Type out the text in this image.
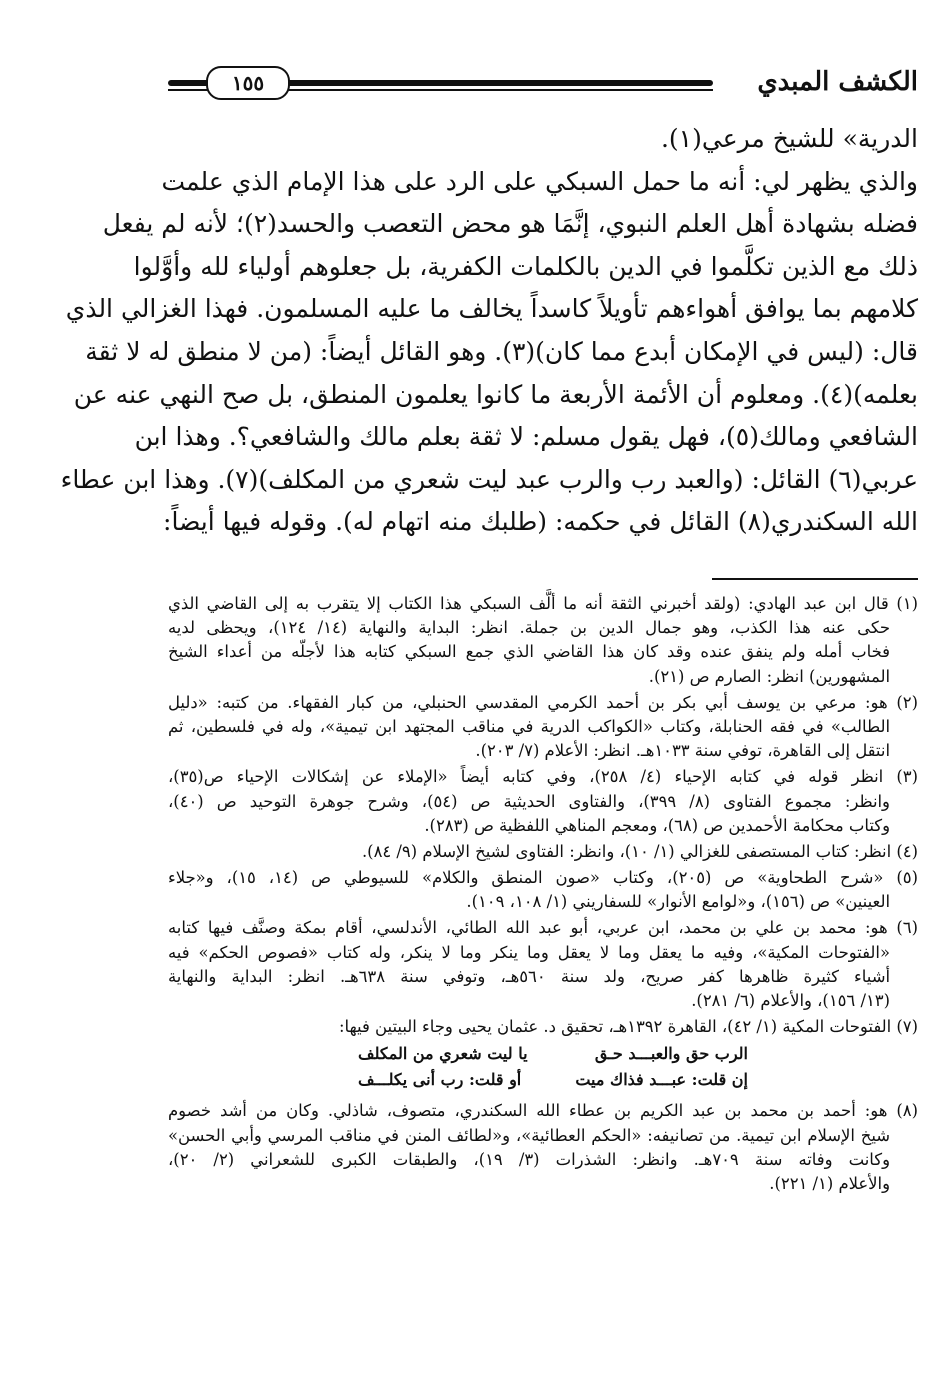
١٥٥	الكشف المبدي
الدرية» للشيخ مرعي(١).
والذي يظهر لي: أنه ما حمل السبكي على الرد على هذا الإمام الذي علمت
فضله بشهادة أهل العلم النبوي، إنَّمَا هو محض التعصب والحسد(٢)؛ لأنه لم يفعل
ذلك مع الذين تكلَّموا في الدين بالكلمات الكفرية، بل جعلوهم أولياء لله وأوَّلوا
كلامهم بما يوافق أهواءهم تأويلاً كاسداً يخالف ما عليه المسلمون. فهذا الغزالي الذي
قال: (ليس في الإمكان أبدع مما كان)(٣). وهو القائل أيضاً: (من لا منطق له لا ثقة
بعلمه)(٤). ومعلوم أن الأئمة الأربعة ما كانوا يعلمون المنطق، بل صح النهي عنه عن
الشافعي ومالك(٥)، فهل يقول مسلم: لا ثقة بعلم مالك والشافعي؟. وهذا ابن
عربي(٦) القائل: (والعبد رب والرب عبد ليت شعري من المكلف)(٧). وهذا ابن عطاء
الله السكندري(٨) القائل في حكمه: (طلبك منه اتهام له). وقوله فيها أيضاً:
(١) قال ابن عبد الهادي: (ولقد أخبرني الثقة أنه ما ألَّف السبكي هذا الكتاب إلا يتقرب به إلى القاضي الذي
حكى عنه هذا الكذب، وهو جمال الدين بن جملة. انظر: البداية والنهاية (١٤/ ١٢٤)، ويحظى لديه
فخاب أمله ولم ينفق عنده وقد كان هذا القاضي الذي جمع السبكي كتابه هذا لأجلّه من أعداء الشيخ
المشهورين) انظر: الصارم ص (٢١).
(٢) هو: مرعي بن يوسف أبي بكر بن أحمد الكرمي المقدسي الحنبلي، من كبار الفقهاء. من كتبه: «دليل
الطالب» في فقه الحنابلة، وكتاب «الكواكب الدرية في مناقب المجتهد ابن تيمية»، وله في فلسطين، ثم
انتقل إلى القاهرة، توفي سنة ١٠٣٣هـ. انظر: الأعلام (٧/ ٢٠٣).
(٣) انظر قوله في كتابه الإحياء (٤/ ٢٥٨)، وفي كتابه أيضاً «الإملاء عن إشكالات الإحياء ص(٣٥)،
وانظر: مجموع الفتاوى (٨/ ٣٩٩)، والفتاوى الحديثية ص (٥٤)، وشرح جوهرة التوحيد ص (٤٠)،
وكتاب محكامة الأحمدين ص (٦٨)، ومعجم المناهي اللفظية ص (٢٨٣).
(٤) انظر: كتاب المستصفى للغزالي (١/ ١٠)، وانظر: الفتاوى لشيخ الإسلام (٩/ ٨٤).
(٥) «شرح الطحاوية» ص (٢٠٥)، وكتاب «صون المنطق والكلام» للسيوطي ص (١٤، ١٥)، و«جلاء
العينين» ص (١٥٦)، و«لوامع الأنوار» للسفاريني (١/ ١٠٨، ١٠٩).
(٦) هو: محمد بن علي بن محمد، ابن عربي، أبو عبد الله الطائي، الأندلسي، أقام بمكة وصنَّف فيها كتابه
«الفتوحات المكية»، وفيه ما يعقل وما لا يعقل وما ينكر وما لا ينكر، وله كتاب «فصوص الحكم» فيه
أشياء كثيرة ظاهرها كفر صريح، ولد سنة ٥٦٠هـ، وتوفي سنة ٦٣٨هـ. انظر: البداية والنهاية
(١٣/ ١٥٦)، والأعلام (٦/ ٢٨١).
(٧) الفتوحات المكية (١/ ٤٢)، القاهرة ١٣٩٢هـ، تحقيق د. عثمان يحيى وجاء البيتين فيها:
الرب حق والعبـــد حـق
يا ليت شعري من المكلف
إن قلت: عبـــد فذاك ميت
أو قلت: رب أنى يكلـــف
(٨) هو: أحمد بن محمد بن عبد الكريم بن عطاء الله السكندري، متصوف، شاذلي. وكان من أشد خصوم
شيخ الإسلام ابن تيمية. من تصانيفه: «الحكم العطائية»، و«لطائف المنن في مناقب المرسي وأبي الحسن»
وكانت وفاته سنة ٧٠٩هـ. وانظر: الشذرات (٣/ ١٩)، والطبقات الكبرى للشعراني (٢/ ٢٠)،
والأعلام (١/ ٢٢١).
